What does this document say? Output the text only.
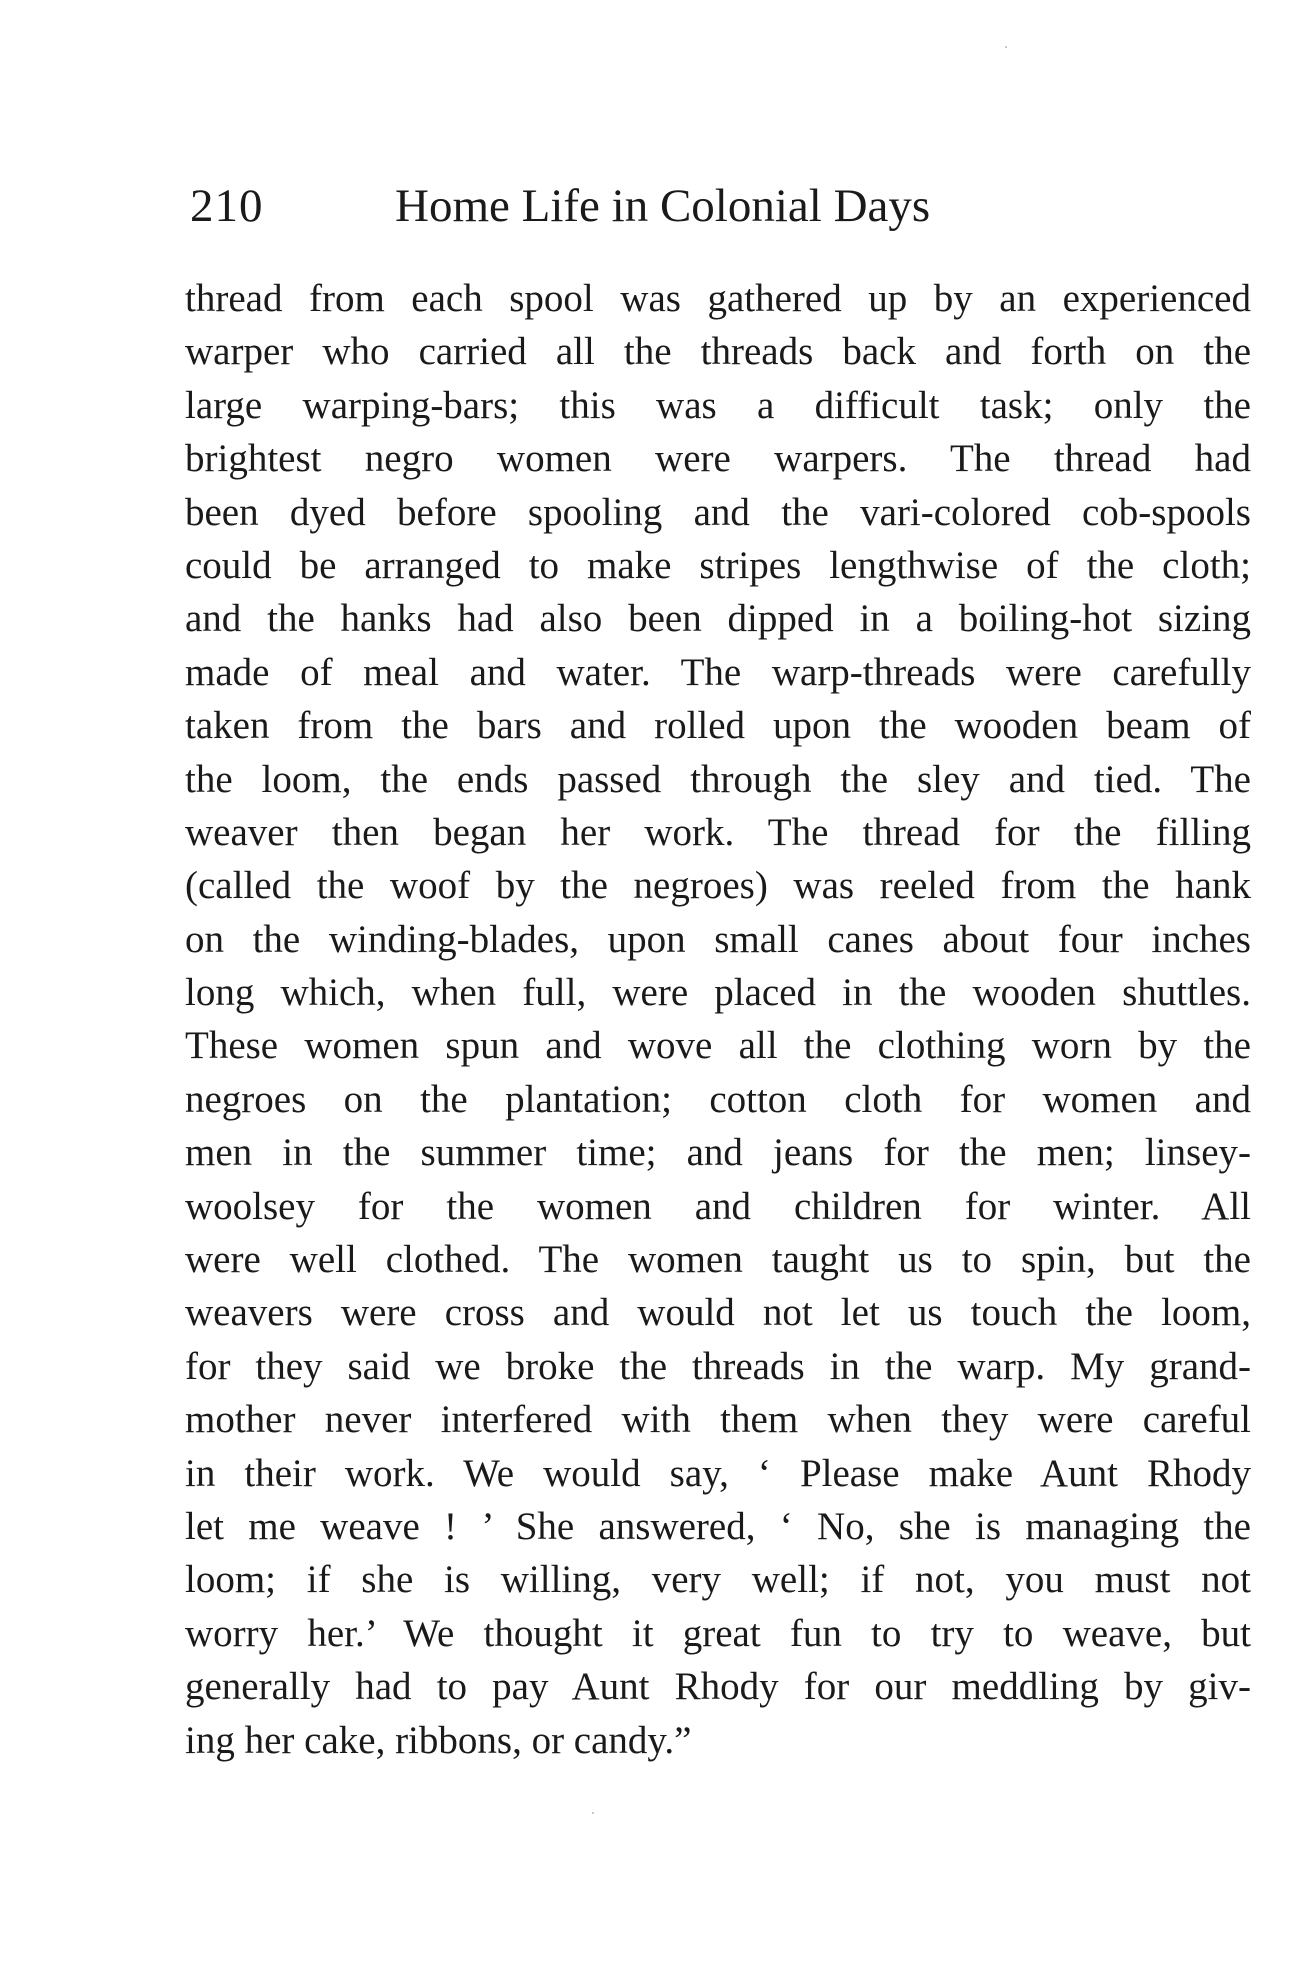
210	Home Life in Colonial Days
thread from each spool was gathered up by an experienced
warper who carried all the threads back and forth on the
large warping-bars; this was a difficult task; only the
brightest negro women were warpers. The thread had
been dyed before spooling and the vari-colored cob-spools
could be arranged to make stripes lengthwise of the cloth;
and the hanks had also been dipped in a boiling-hot sizing
made of meal and water. The warp-threads were carefully
taken from the bars and rolled upon the wooden beam of
the loom, the ends passed through the sley and tied. The
weaver then began her work. The thread for the filling
(called the woof by the negroes) was reeled from the hank
on the winding-blades, upon small canes about four inches
long which, when full, were placed in the wooden shuttles.
These women spun and wove all the clothing worn by the
negroes on the plantation; cotton cloth for women and
men in the summer time; and jeans for the men; linsey-
woolsey for the women and children for winter. All
were well clothed. The women taught us to spin, but the
weavers were cross and would not let us touch the loom,
for they said we broke the threads in the warp. My grand-
mother never interfered with them when they were careful
in their work. We would say, ‘ Please make Aunt Rhody
let me weave ! ’ She answered, ‘ No, she is managing the
loom; if she is willing, very well; if not, you must not
worry her.’ We thought it great fun to try to weave, but
generally had to pay Aunt Rhody for our meddling by giv-
ing her cake, ribbons, or candy.”
